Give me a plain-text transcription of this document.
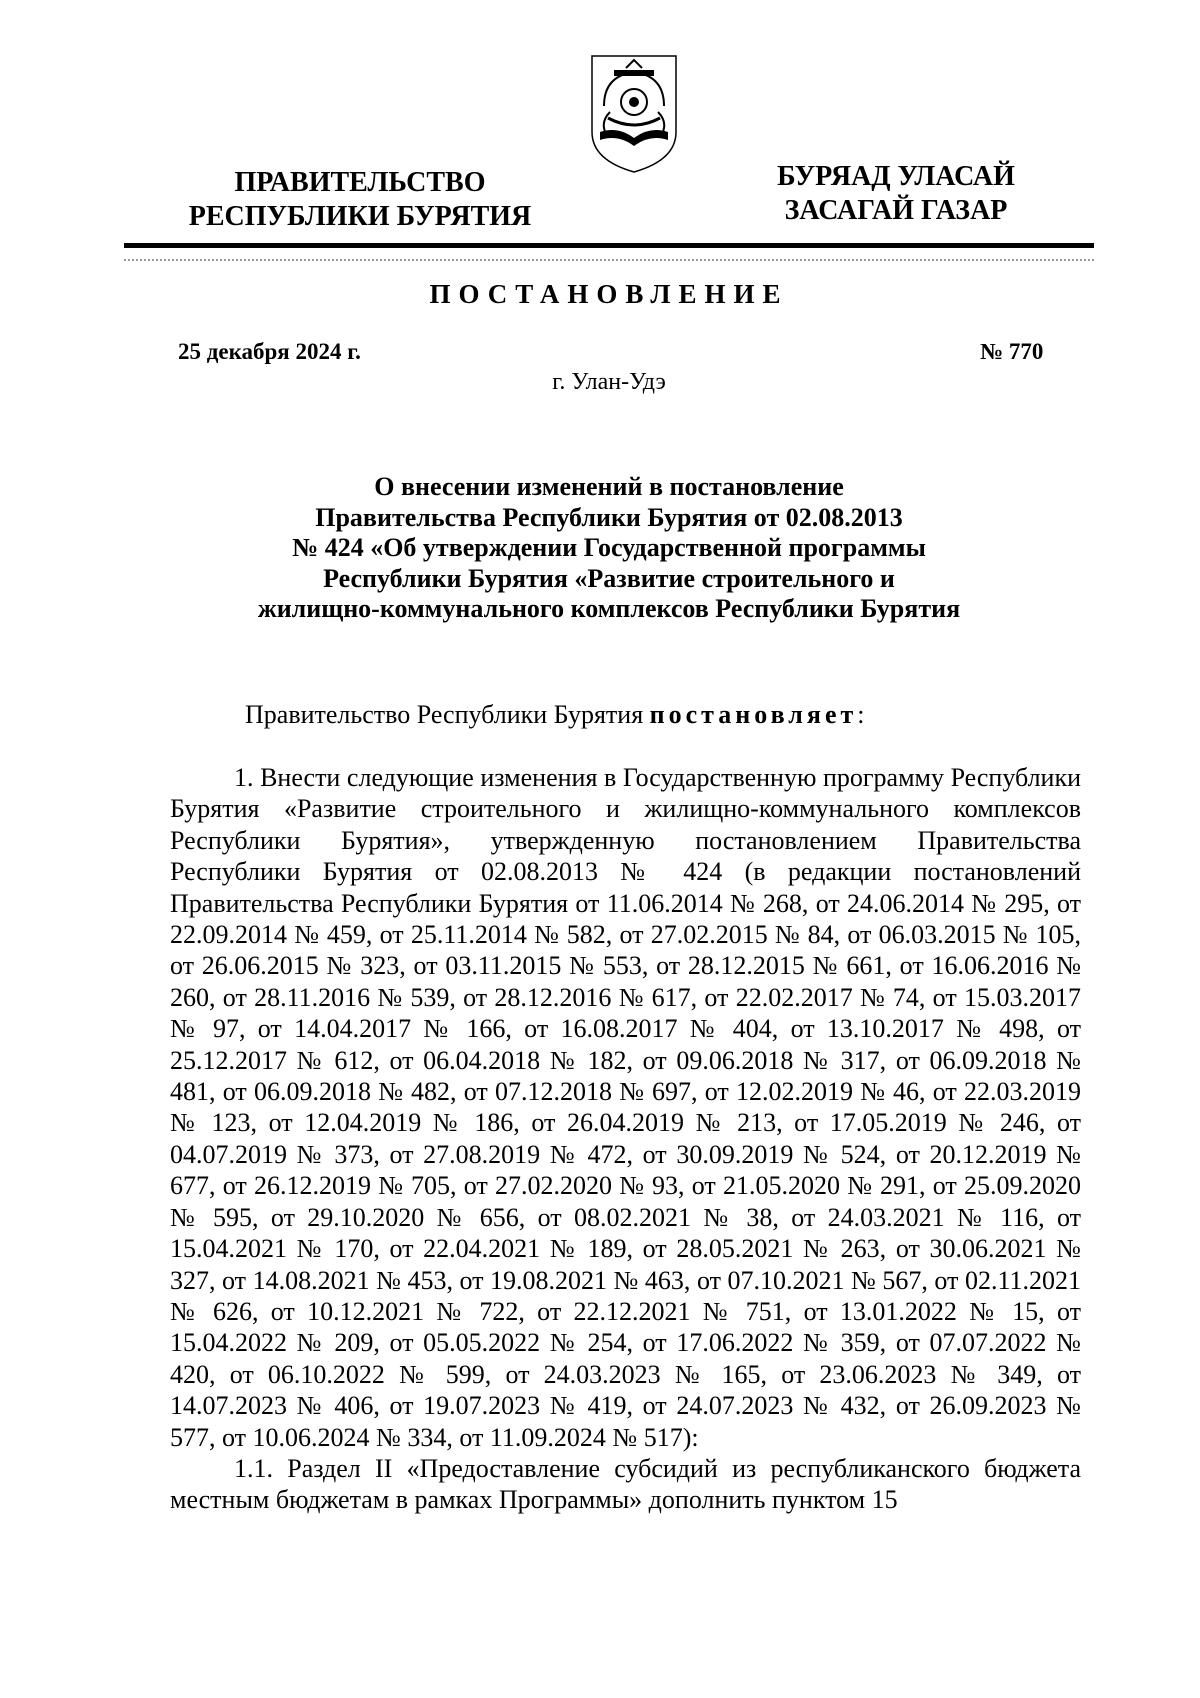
ПРАВИТЕЛЬСТВО
РЕСПУБЛИКИ БУРЯТИЯ
БУРЯАД УЛАСАЙ
ЗАСАГАЙ ГАЗАР
ПОСТАНОВЛЕНИЕ
25 декабря 2024 г.	№ 770
г. Улан-Удэ
О внесении изменений в постановление
Правительства Республики Бурятия от 02.08.2013
№ 424 «Об утверждении Государственной программы
Республики Бурятия «Развитие строительного и
жилищно-коммунального комплексов Республики Бурятия
Правительство Республики Бурятия постановляет:

1. Внести следующие изменения в Государственную программу Республики Бурятия «Развитие строительного и жилищно-коммунального комплексов Республики Бурятия», утвержденную постановлением Правительства Республики Бурятия от 02.08.2013 № 424 (в редакции постановлений Правительства Республики Бурятия от 11.06.2014 № 268, от 24.06.2014 № 295, от 22.09.2014 № 459, от 25.11.2014 № 582, от 27.02.2015 № 84, от 06.03.2015 № 105, от 26.06.2015 № 323, от 03.11.2015 № 553, от 28.12.2015 № 661, от 16.06.2016 № 260, от 28.11.2016 № 539, от 28.12.2016 № 617, от 22.02.2017 № 74, от 15.03.2017 № 97, от 14.04.2017 № 166, от 16.08.2017 № 404, от 13.10.2017 № 498, от 25.12.2017 № 612, от 06.04.2018 № 182, от 09.06.2018 № 317, от 06.09.2018 № 481, от 06.09.2018 № 482, от 07.12.2018 № 697, от 12.02.2019 № 46, от 22.03.2019 № 123, от 12.04.2019 № 186, от 26.04.2019 № 213, от 17.05.2019 № 246, от 04.07.2019 № 373, от 27.08.2019 № 472, от 30.09.2019 № 524, от 20.12.2019 № 677, от 26.12.2019 № 705, от 27.02.2020 № 93, от 21.05.2020 № 291, от 25.09.2020 № 595, от 29.10.2020 № 656, от 08.02.2021 № 38, от 24.03.2021 № 116, от 15.04.2021 № 170, от 22.04.2021 № 189, от 28.05.2021 № 263, от 30.06.2021 № 327, от 14.08.2021 № 453, от 19.08.2021 № 463, от 07.10.2021 № 567, от 02.11.2021 № 626, от 10.12.2021 № 722, от 22.12.2021 № 751, от 13.01.2022 № 15, от 15.04.2022 № 209, от 05.05.2022 № 254, от 17.06.2022 № 359, от 07.07.2022 № 420, от 06.10.2022 № 599, от 24.03.2023 № 165, от 23.06.2023 № 349, от 14.07.2023 № 406, от 19.07.2023 № 419, от 24.07.2023 № 432, от 26.09.2023 № 577, от 10.06.2024 № 334, от 11.09.2024 № 517):

1.1. Раздел II «Предоставление субсидий из республиканского бюджета местным бюджетам в рамках Программы» дополнить пунктом 15
